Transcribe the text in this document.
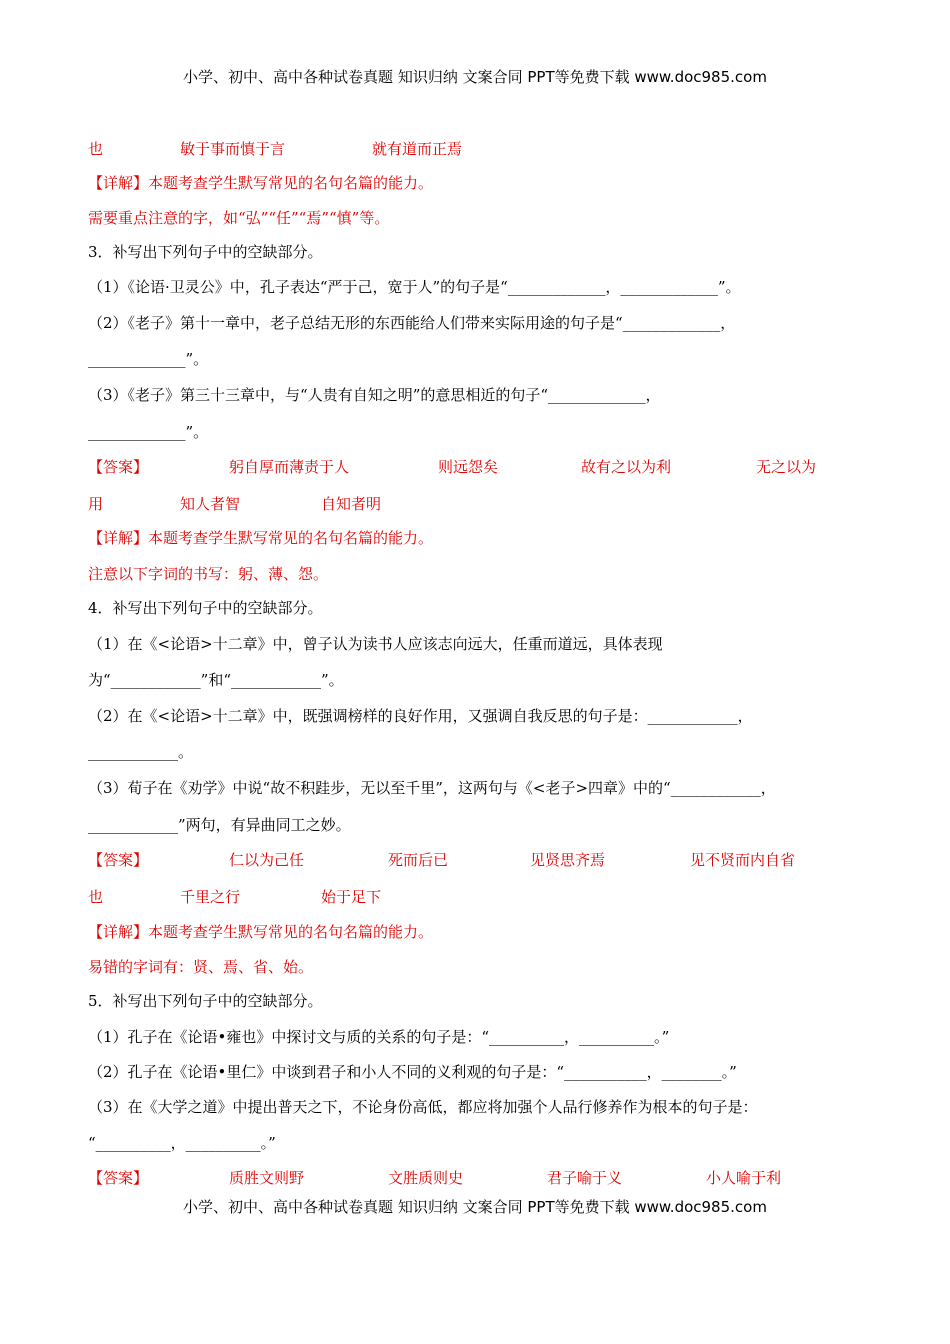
小学、初中、高中各种试卷真题 知识归纳 文案合同 PPT等免费下载 www.doc985.com
也	敏于事而慎于言	就有道而正焉
【详解】本题考查学生默写常见的名句名篇的能力。
需要重点注意的字，如“弘”“任”“焉”“慎”等。
3．补写出下列句子中的空缺部分。
（1）《论语·卫灵公》中，孔子表达“严于己，宽于人”的句子是“_____________，_____________”。
（2）《老子》第十一章中，老子总结无形的东西能给人们带来实际用途的句子是“_____________，
_____________”。
（3）《老子》第三十三章中，与“人贵有自知之明”的意思相近的句子“_____________，
_____________”。
【答案】	躬自厚而薄责于人	则远怨矣	故有之以为利	无之以为
用	知人者智	自知者明
【详解】本题考查学生默写常见的名句名篇的能力。
注意以下字词的书写：躬、薄、怨。
4．补写出下列句子中的空缺部分。
（1）在《<论语>十二章》中，曾子认为读书人应该志向远大，任重而道远，具体表现
为“____________”和“____________”。
（2）在《<论语>十二章》中，既强调榜样的良好作用，又强调自我反思的句子是：____________，
____________。
（3）荀子在《劝学》中说“故不积跬步，无以至千里”，这两句与《<老子>四章》中的“____________，
____________”两句，有异曲同工之妙。
【答案】	仁以为己任	死而后已	见贤思齐焉	见不贤而内自省
也	千里之行	始于足下
【详解】本题考查学生默写常见的名句名篇的能力。
易错的字词有：贤、焉、省、始。
5．补写出下列句子中的空缺部分。
（1）孔子在《论语•雍也》中探讨文与质的关系的句子是：“__________，__________。”
（2）孔子在《论语•里仁》中谈到君子和小人不同的义利观的句子是：“___________，________。”
（3）在《大学之道》中提出普天之下，不论身份高低，都应将加强个人品行修养作为根本的句子是：
“__________，__________。”
【答案】	质胜文则野	文胜质则史	君子喻于义	小人喻于利
小学、初中、高中各种试卷真题 知识归纳 文案合同 PPT等免费下载 www.doc985.com
